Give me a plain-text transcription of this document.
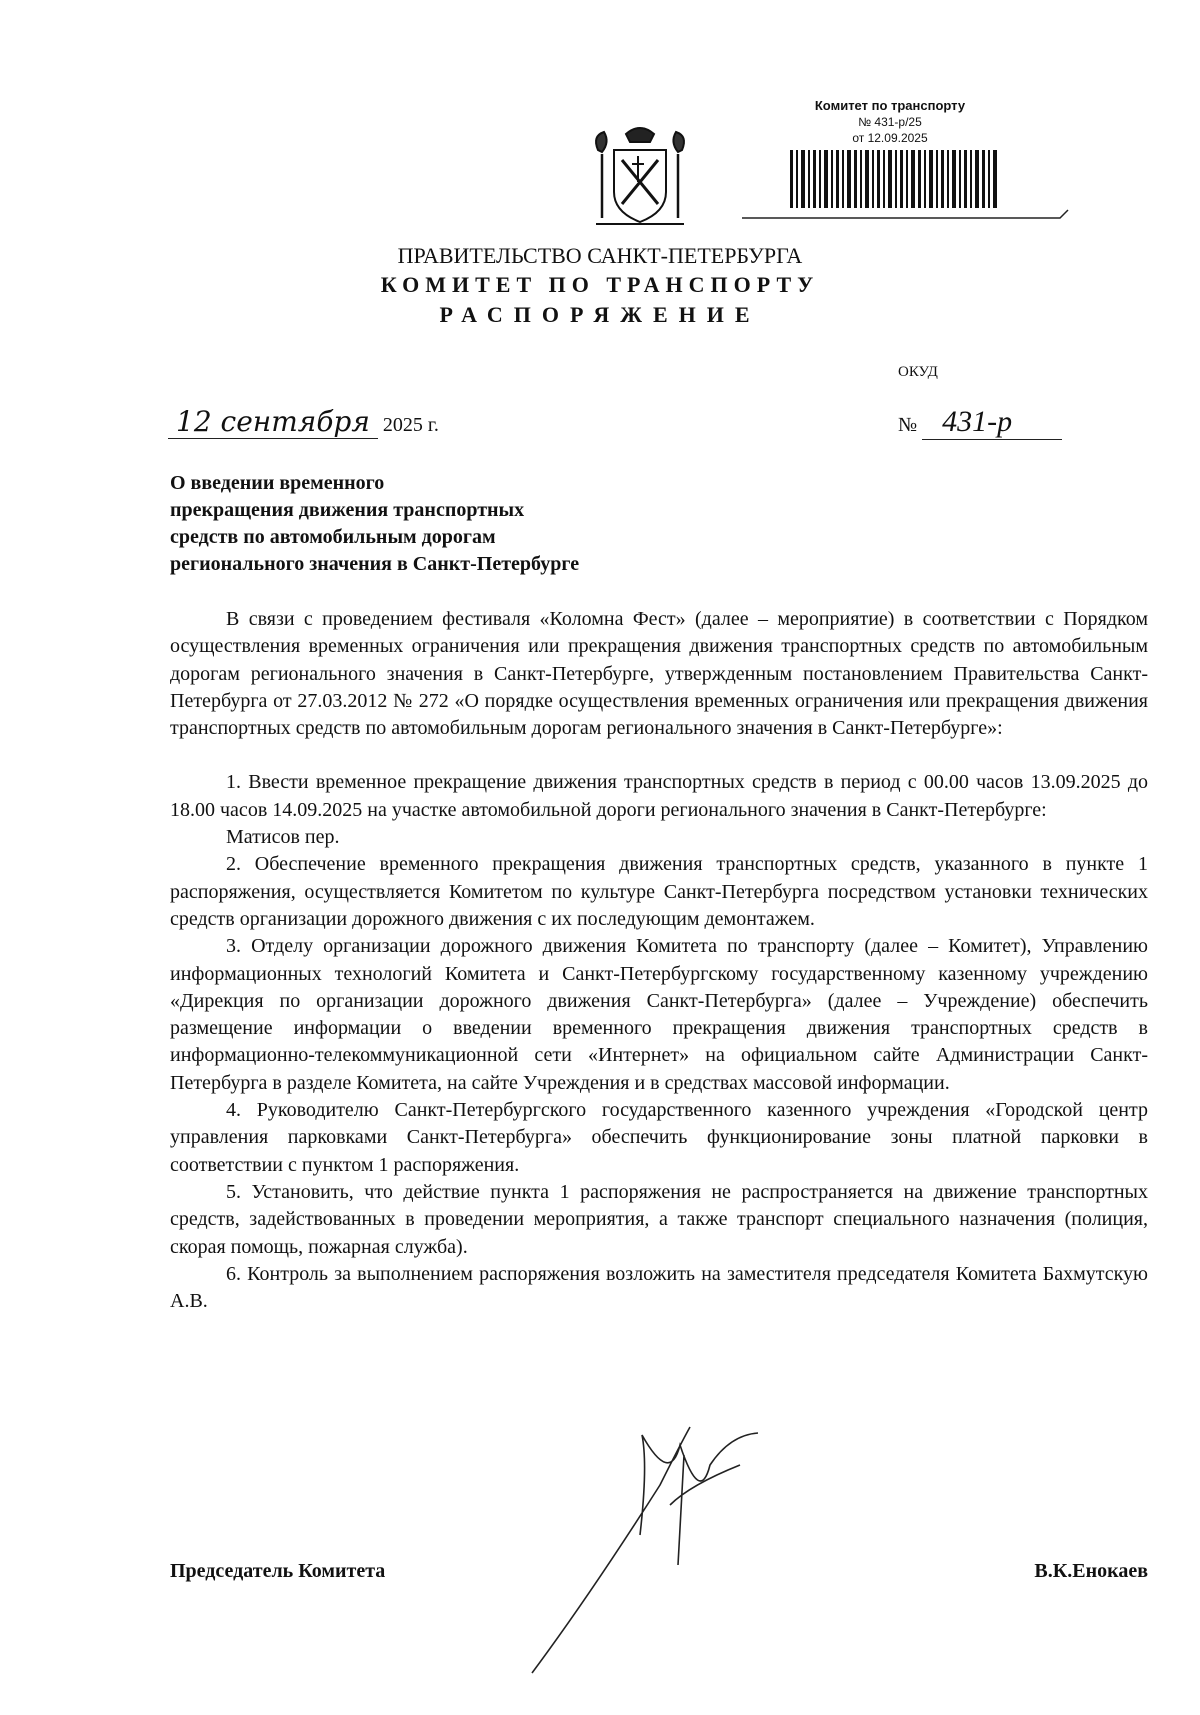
Комитет по транспорту
№ 431-р/25
от 12.09.2025
ПРАВИТЕЛЬСТВО САНКТ-ПЕТЕРБУРГА
КОМИТЕТ ПО ТРАНСПОРТУ
РАСПОРЯЖЕНИЕ
ОКУД
12 сентября 2025 г.	№ 431-р
О введении временного
прекращения движения транспортных
средств по автомобильным дорогам
регионального значения в Санкт-Петербурге

В связи с проведением фестиваля «Коломна Фест» (далее – мероприятие) в соответствии с Порядком осуществления временных ограничения или прекращения движения транспортных средств по автомобильным дорогам регионального значения в Санкт-Петербурге, утвержденным постановлением Правительства Санкт-Петербурга от 27.03.2012 № 272 «О порядке осуществления временных ограничения или прекращения движения транспортных средств по автомобильным дорогам регионального значения в Санкт-Петербурге»:

1. Ввести временное прекращение движения транспортных средств в период с 00.00 часов 13.09.2025 до 18.00 часов 14.09.2025 на участке автомобильной дороги регионального значения в Санкт-Петербурге:

Матисов пер.

2. Обеспечение временного прекращения движения транспортных средств, указанного в пункте 1 распоряжения, осуществляется Комитетом по культуре Санкт-Петербурга посредством установки технических средств организации дорожного движения с их последующим демонтажем.

3. Отделу организации дорожного движения Комитета по транспорту (далее – Комитет), Управлению информационных технологий Комитета и Санкт-Петербургскому государственному казенному учреждению «Дирекция по организации дорожного движения Санкт-Петербурга» (далее – Учреждение) обеспечить размещение информации о введении временного прекращения движения транспортных средств в информационно-телекоммуникационной сети «Интернет» на официальном сайте Администрации Санкт-Петербурга в разделе Комитета, на сайте Учреждения и в средствах массовой информации.

4. Руководителю Санкт-Петербургского государственного казенного учреждения «Городской центр управления парковками Санкт-Петербурга» обеспечить функционирование зоны платной парковки в соответствии с пунктом 1 распоряжения.

5. Установить, что действие пункта 1 распоряжения не распространяется на движение транспортных средств, задействованных в проведении мероприятия, а также транспорт специального назначения (полиция, скорая помощь, пожарная служба).

6. Контроль за выполнением распоряжения возложить на заместителя председателя Комитета Бахмутскую А.В.

Председатель Комитета	В.К.Енокаев
